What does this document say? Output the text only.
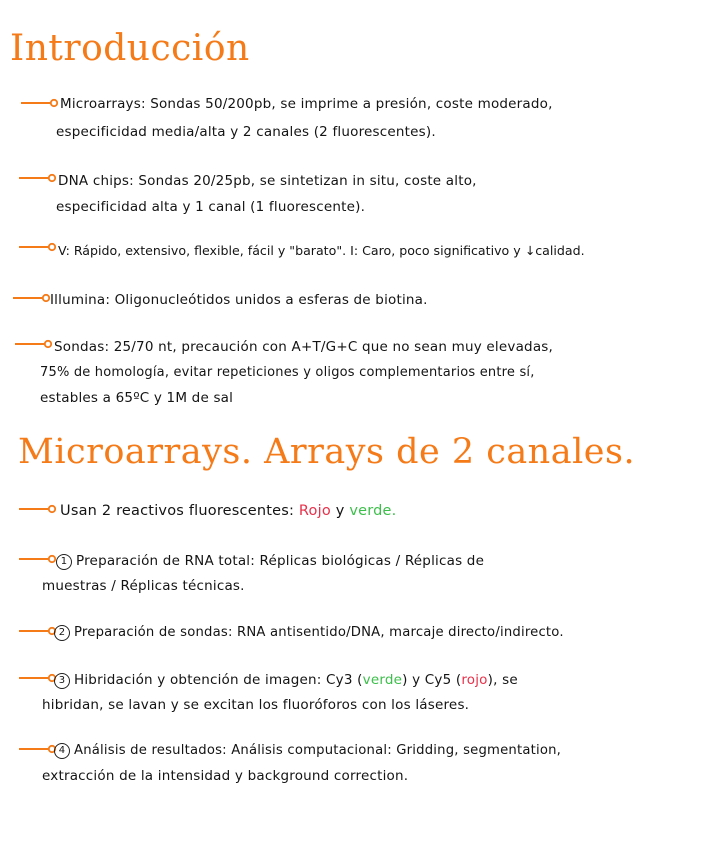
Introducción
Microarrays: Sondas 50/200pb, se imprime a presión, coste moderado,
especificidad media/alta y 2 canales (2 fluorescentes).
DNA chips: Sondas 20/25pb, se sintetizan in situ, coste alto,
especificidad alta y 1 canal (1 fluorescente).
V: Rápido, extensivo, flexible, fácil y "barato". I: Caro, poco significativo y ↓calidad.
Illumina: Oligonucleótidos unidos a esferas de biotina.
Sondas: 25/70 nt, precaución con A+T/G+C que no sean muy elevadas,
75% de homología, evitar repeticiones y oligos complementarios entre sí,
estables a 65ºC y 1M de sal
Microarrays. Arrays de 2 canales.
Usan 2 reactivos fluorescentes: Rojo y verde.
1 Preparación de RNA total: Réplicas biológicas / Réplicas de
muestras / Réplicas técnicas.
2 Preparación de sondas: RNA antisentido/DNA, marcaje directo/indirecto.
3 Hibridación y obtención de imagen: Cy3 (verde) y Cy5 (rojo), se
hibridan, se lavan y se excitan los fluoróforos con los láseres.
4 Análisis de resultados: Análisis computacional: Gridding, segmentation,
extracción de la intensidad y background correction.
